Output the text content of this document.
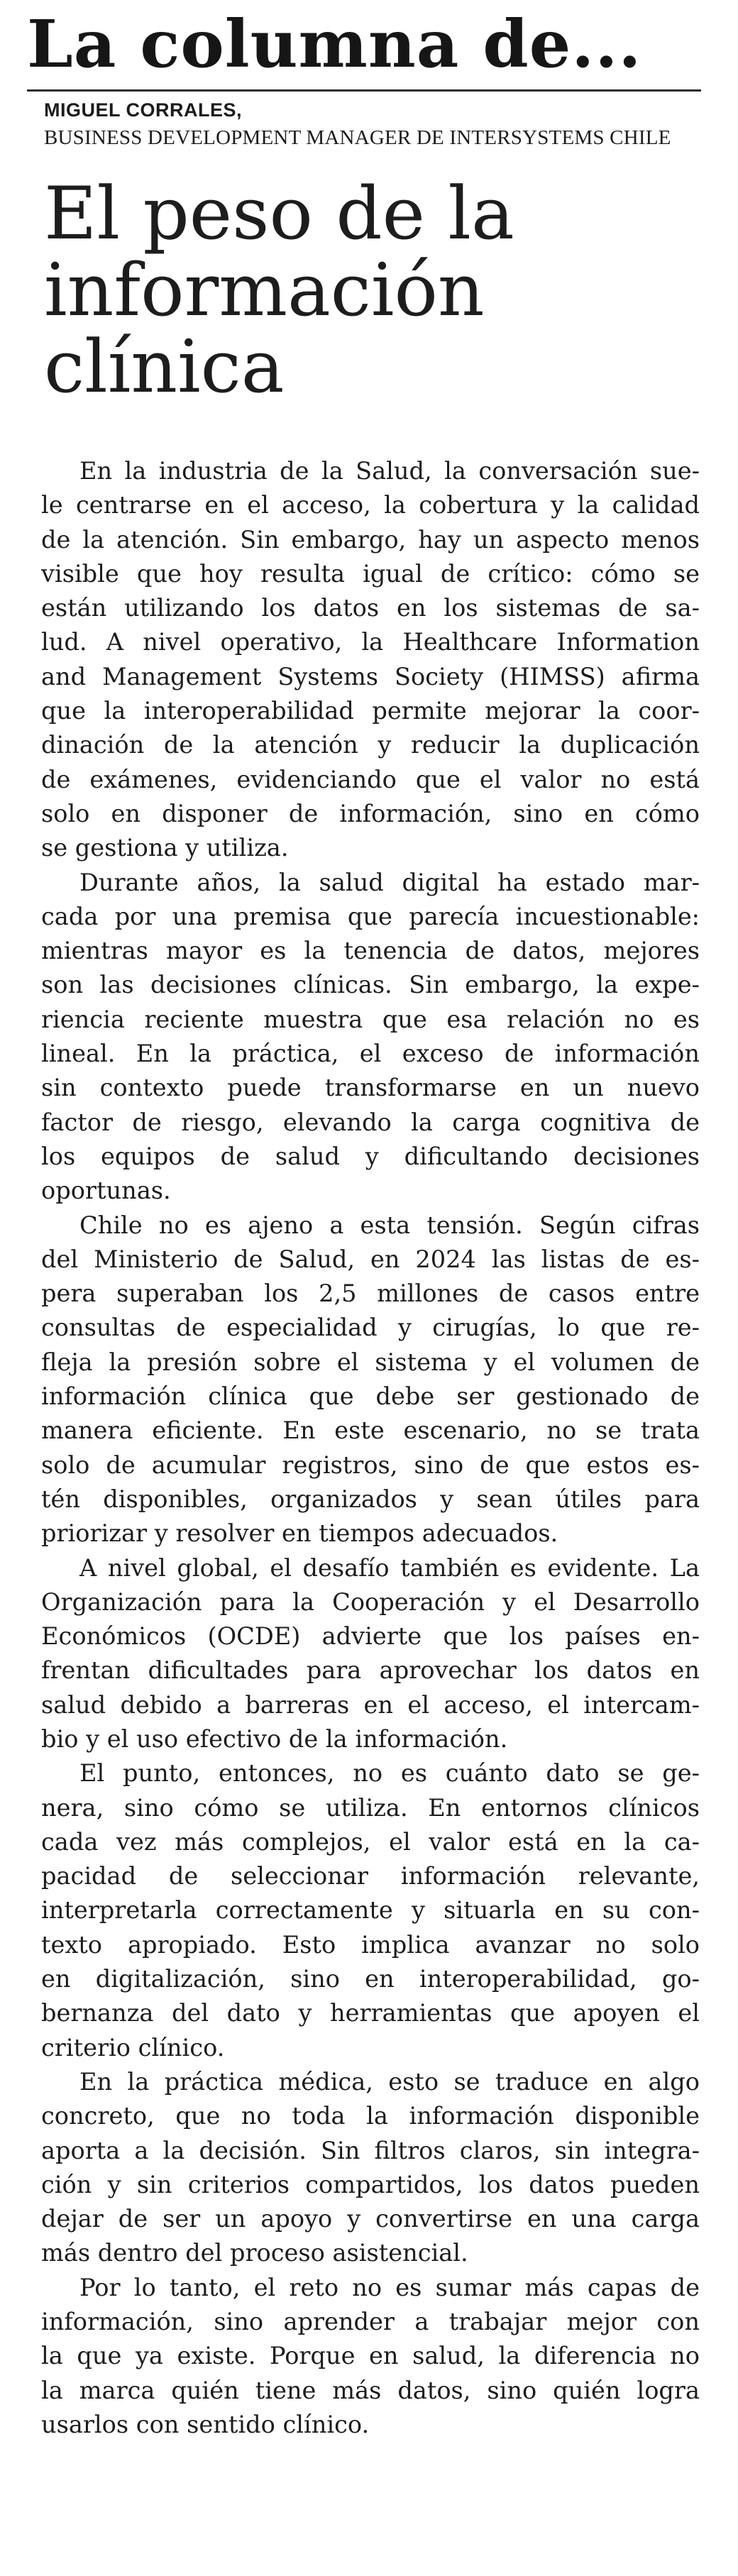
La columna de...
MIGUEL CORRALES,
BUSINESS DEVELOPMENT MANAGER DE INTERSYSTEMS CHILE
El peso de la
información
clínica

En la industria de la Salud, la conversación sue-
le centrarse en el acceso, la cobertura y la calidad
de la atención. Sin embargo, hay un aspecto menos
visible que hoy resulta igual de crítico: cómo se
están utilizando los datos en los sistemas de sa-
lud. A nivel operativo, la Healthcare Information
and Management Systems Society (HIMSS) afirma
que la interoperabilidad permite mejorar la coor-
dinación de la atención y reducir la duplicación
de exámenes, evidenciando que el valor no está
solo en disponer de información, sino en cómo
se gestiona y utiliza.

Durante años, la salud digital ha estado mar-
cada por una premisa que parecía incuestionable:
mientras mayor es la tenencia de datos, mejores
son las decisiones clínicas. Sin embargo, la expe-
riencia reciente muestra que esa relación no es
lineal. En la práctica, el exceso de información
sin contexto puede transformarse en un nuevo
factor de riesgo, elevando la carga cognitiva de
los equipos de salud y dificultando decisiones
oportunas.

Chile no es ajeno a esta tensión. Según cifras
del Ministerio de Salud, en 2024 las listas de es-
pera superaban los 2,5 millones de casos entre
consultas de especialidad y cirugías, lo que re-
fleja la presión sobre el sistema y el volumen de
información clínica que debe ser gestionado de
manera eficiente. En este escenario, no se trata
solo de acumular registros, sino de que estos es-
tén disponibles, organizados y sean útiles para
priorizar y resolver en tiempos adecuados.

A nivel global, el desafío también es evidente. La
Organización para la Cooperación y el Desarrollo
Económicos (OCDE) advierte que los países en-
frentan dificultades para aprovechar los datos en
salud debido a barreras en el acceso, el intercam-
bio y el uso efectivo de la información.

El punto, entonces, no es cuánto dato se ge-
nera, sino cómo se utiliza. En entornos clínicos
cada vez más complejos, el valor está en la ca-
pacidad de seleccionar información relevante,
interpretarla correctamente y situarla en su con-
texto apropiado. Esto implica avanzar no solo
en digitalización, sino en interoperabilidad, go-
bernanza del dato y herramientas que apoyen el
criterio clínico.

En la práctica médica, esto se traduce en algo
concreto, que no toda la información disponible
aporta a la decisión. Sin filtros claros, sin integra-
ción y sin criterios compartidos, los datos pueden
dejar de ser un apoyo y convertirse en una carga
más dentro del proceso asistencial.

Por lo tanto, el reto no es sumar más capas de
información, sino aprender a trabajar mejor con
la que ya existe. Porque en salud, la diferencia no
la marca quién tiene más datos, sino quién logra
usarlos con sentido clínico.
